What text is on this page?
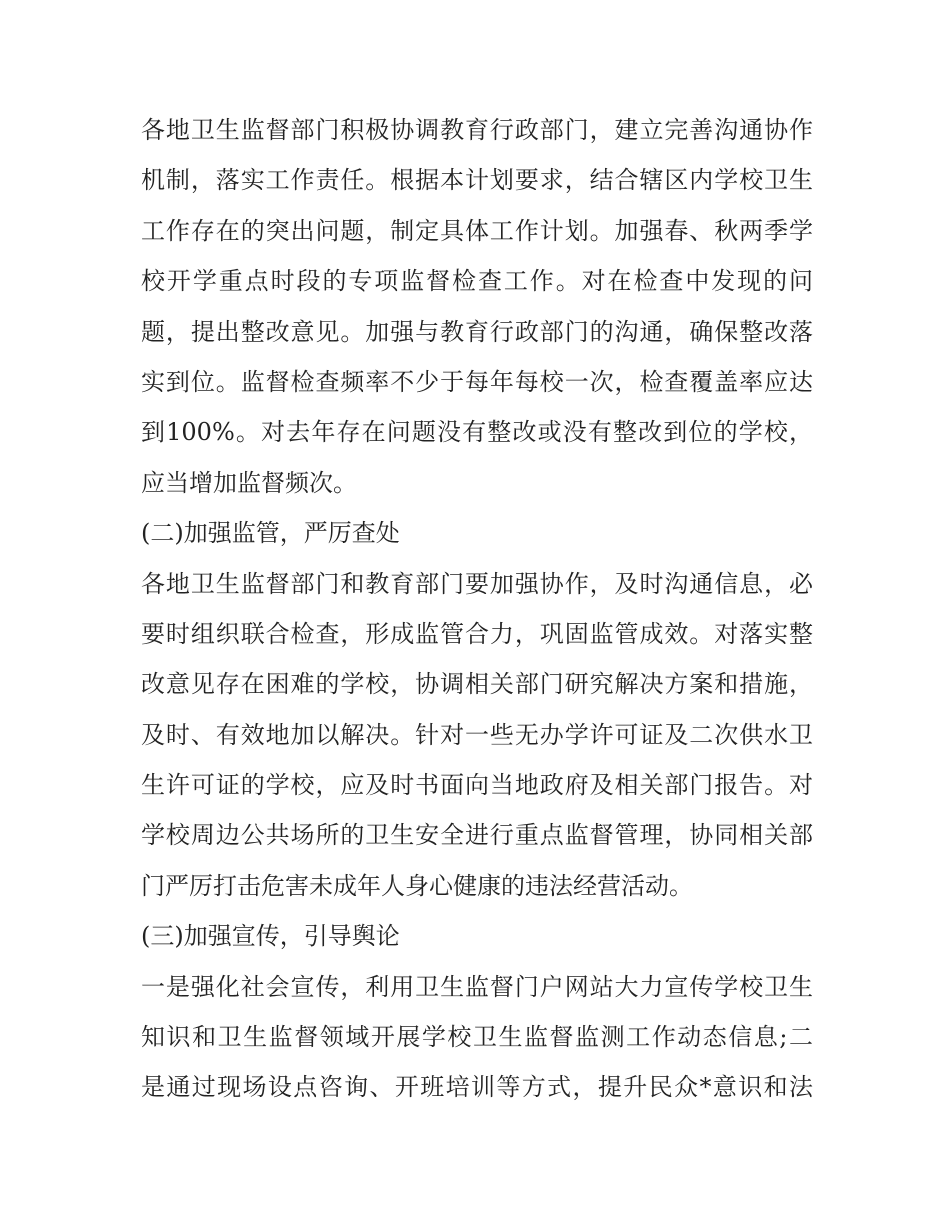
各地卫生监督部门积极协调教育行政部门，建立完善沟通协作
机制，落实工作责任。根据本计划要求，结合辖区内学校卫生
工作存在的突出问题，制定具体工作计划。加强春、秋两季学
校开学重点时段的专项监督检查工作。对在检查中发现的问
题，提出整改意见。加强与教育行政部门的沟通，确保整改落
实到位。监督检查频率不少于每年每校一次，检查覆盖率应达
到100%。对去年存在问题没有整改或没有整改到位的学校，
应当增加监督频次。
(二)加强监管，严厉查处
各地卫生监督部门和教育部门要加强协作，及时沟通信息，必
要时组织联合检查，形成监管合力，巩固监管成效。对落实整
改意见存在困难的学校，协调相关部门研究解决方案和措施，
及时、有效地加以解决。针对一些无办学许可证及二次供水卫
生许可证的学校，应及时书面向当地政府及相关部门报告。对
学校周边公共场所的卫生安全进行重点监督管理，协同相关部
门严厉打击危害未成年人身心健康的违法经营活动。
(三)加强宣传，引导舆论
一是强化社会宣传，利用卫生监督门户网站大力宣传学校卫生
知识和卫生监督领域开展学校卫生监督监测工作动态信息;二
是通过现场设点咨询、开班培训等方式，提升民众*意识和法
